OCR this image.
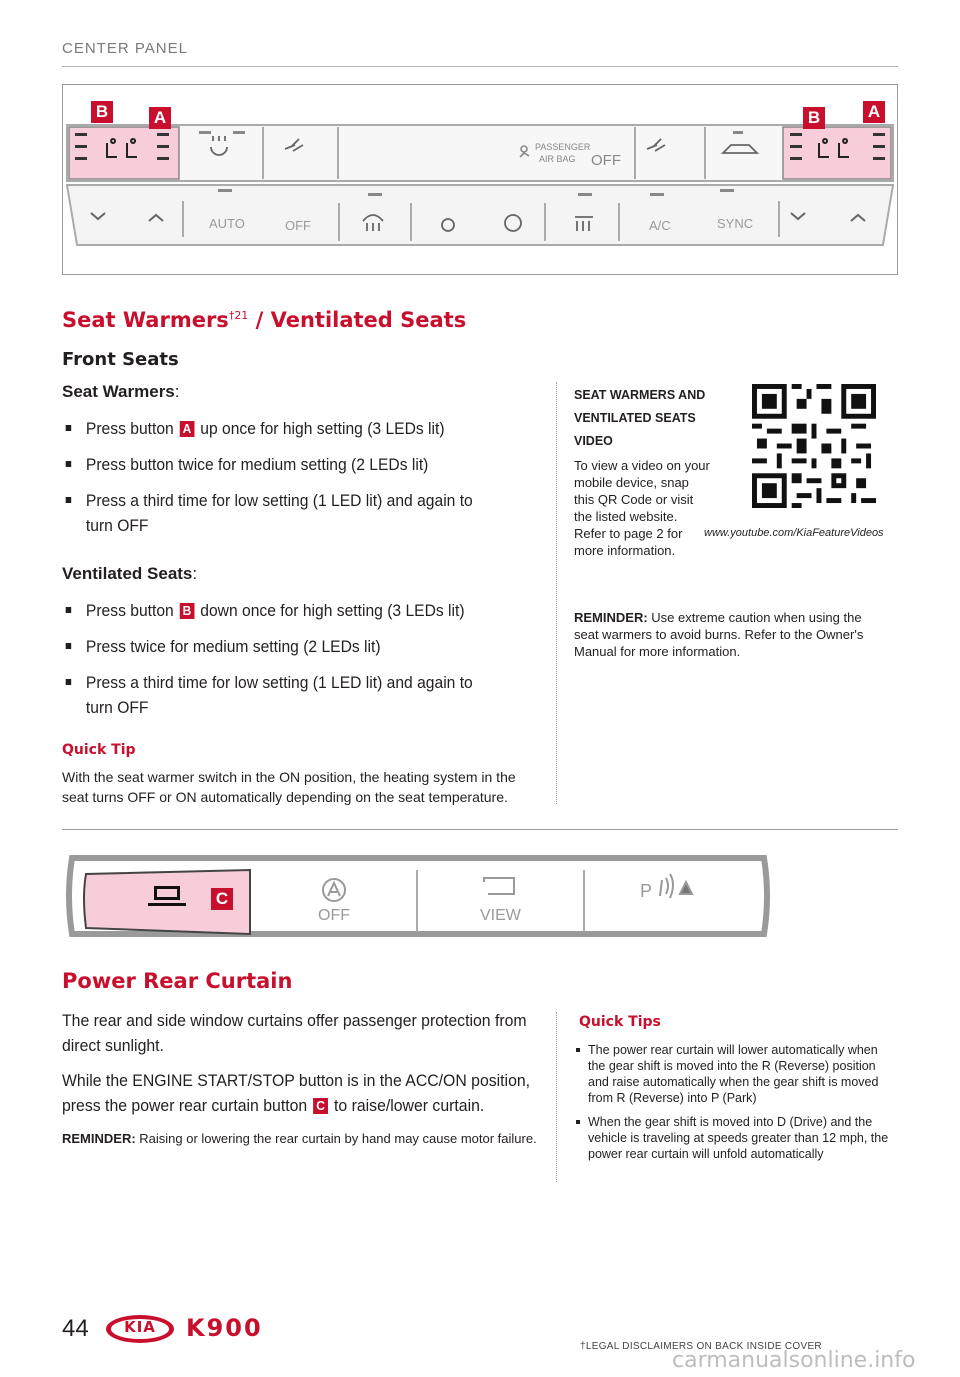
CENTER PANEL
PASSENGER
AIR BAG OFF
AUTO	OFF	A/C	SYNC
B	A	B	A
Seat Warmers$^{\dagger 21}$ / Ventilated Seats
Front Seats
Seat Warmers:
Press button A up once for high setting (3 LEDs lit)
Press button twice for medium setting (2 LEDs lit)
Press a third time for low setting (1 LED lit) and again to turn OFF
Ventilated Seats:
Press button B down once for high setting (3 LEDs lit)
Press twice for medium setting (2 LEDs lit)
Press a third time for low setting (1 LED lit) and again to turn OFF
Quick Tip
With the seat warmer switch in the ON position, the heating system in the seat turns OFF or ON automatically depending on the seat temperature.
SEAT WARMERS AND
VENTILATED SEATS
VIDEO
To view a video on your mobile device, snap this QR Code or visit the listed website. Refer to page 2 for more information.
www.youtube.com/KiaFeatureVideos
REMINDER: Use extreme caution when using the seat warmers to avoid burns. Refer to the Owner's Manual for more information.
P
OFF	VIEW
C
Power Rear Curtain
The rear and side window curtains offer passenger protection from direct sunlight.
While the ENGINE START/STOP button is in the ACC/ON position, press the power rear curtain button C to raise/lower curtain.
REMINDER: Raising or lowering the rear curtain by hand may cause motor failure.
Quick Tips
The power rear curtain will lower automatically when the gear shift is moved into the R (Reverse) position and raise automatically when the gear shift is moved from R (Reverse) into P (Park)
When the gear shift is moved into D (Drive) and the vehicle is traveling at speeds greater than 12 mph, the power rear curtain will unfold automatically
44 KIA K900
†LEGAL DISCLAIMERS ON BACK INSIDE COVER
carmanualsonline.info
